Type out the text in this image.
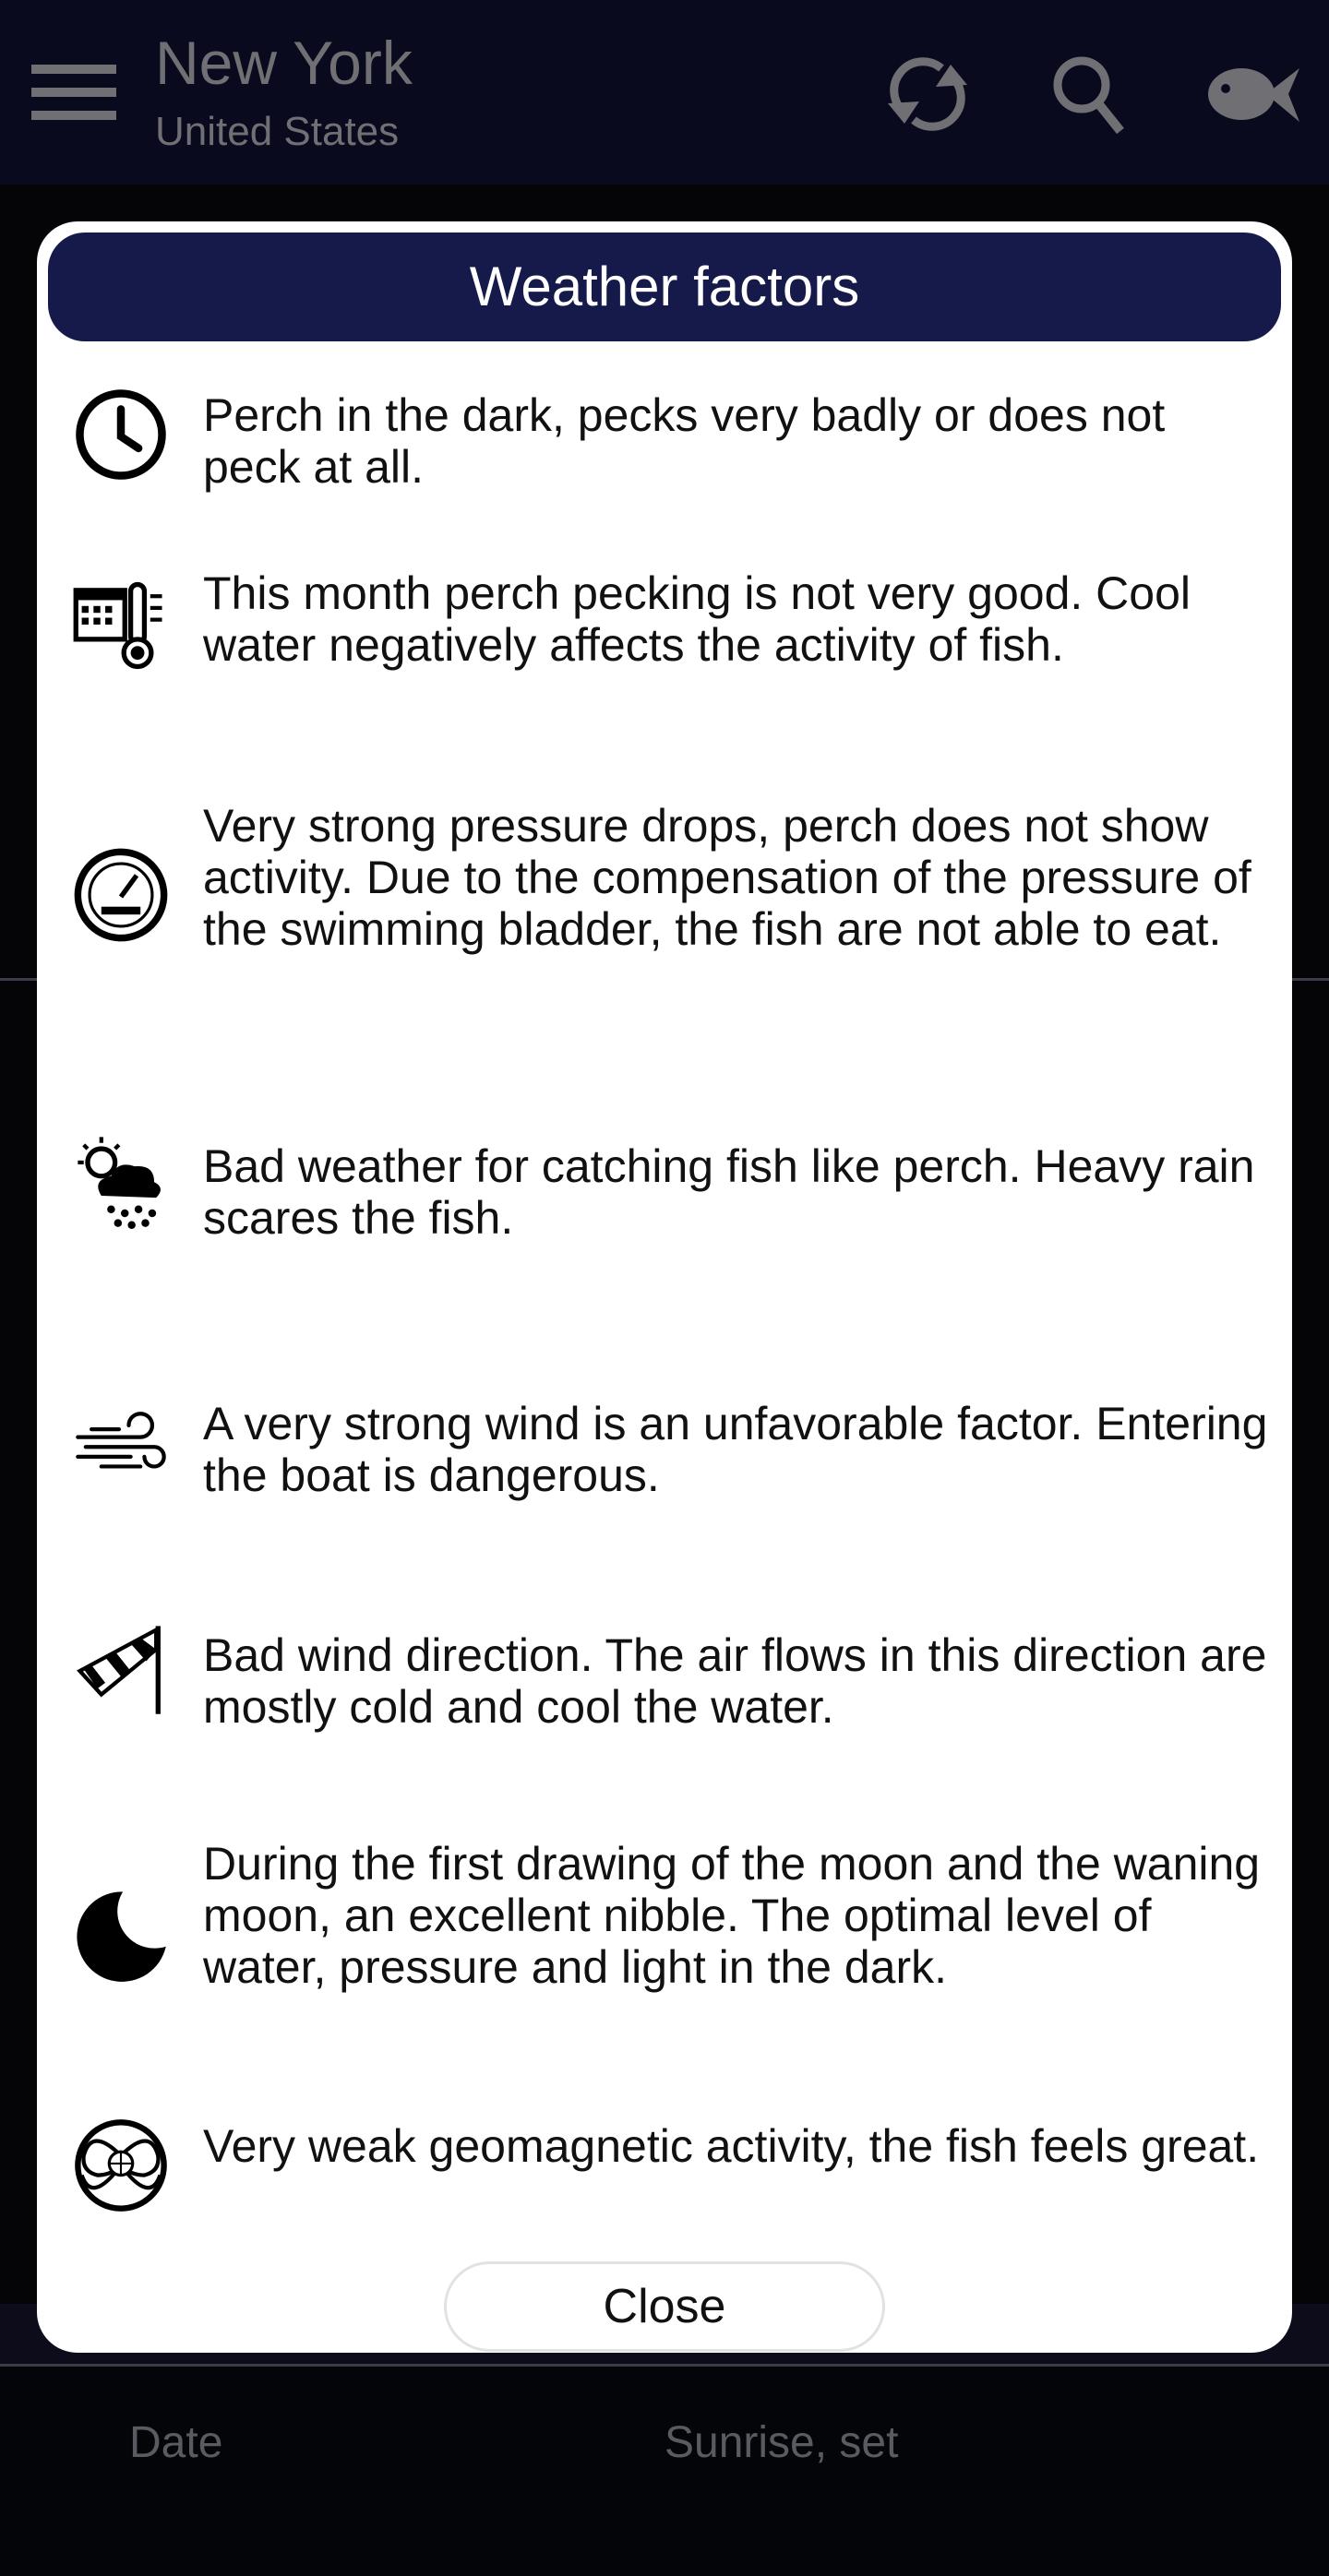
New York
United States
Date	Sunrise, set
Weather factors
Perch in the dark, pecks very badly or does not peck at all.
This month perch pecking is not very good. Cool water negatively affects the activity of fish.
Very strong pressure drops, perch does not show activity. Due to the compensation of the pressure of the swimming bladder, the fish are not able to eat.
Bad weather for catching fish like perch. Heavy rain scares the fish.
A very strong wind is an unfavorable factor. Entering the boat is dangerous.
Bad wind direction. The air flows in this direction are mostly cold and cool the water.
During the first drawing of the moon and the waning moon, an excellent nibble. The optimal level of water, pressure and light in the dark.
Very weak geomagnetic activity, the fish feels great.
Close
